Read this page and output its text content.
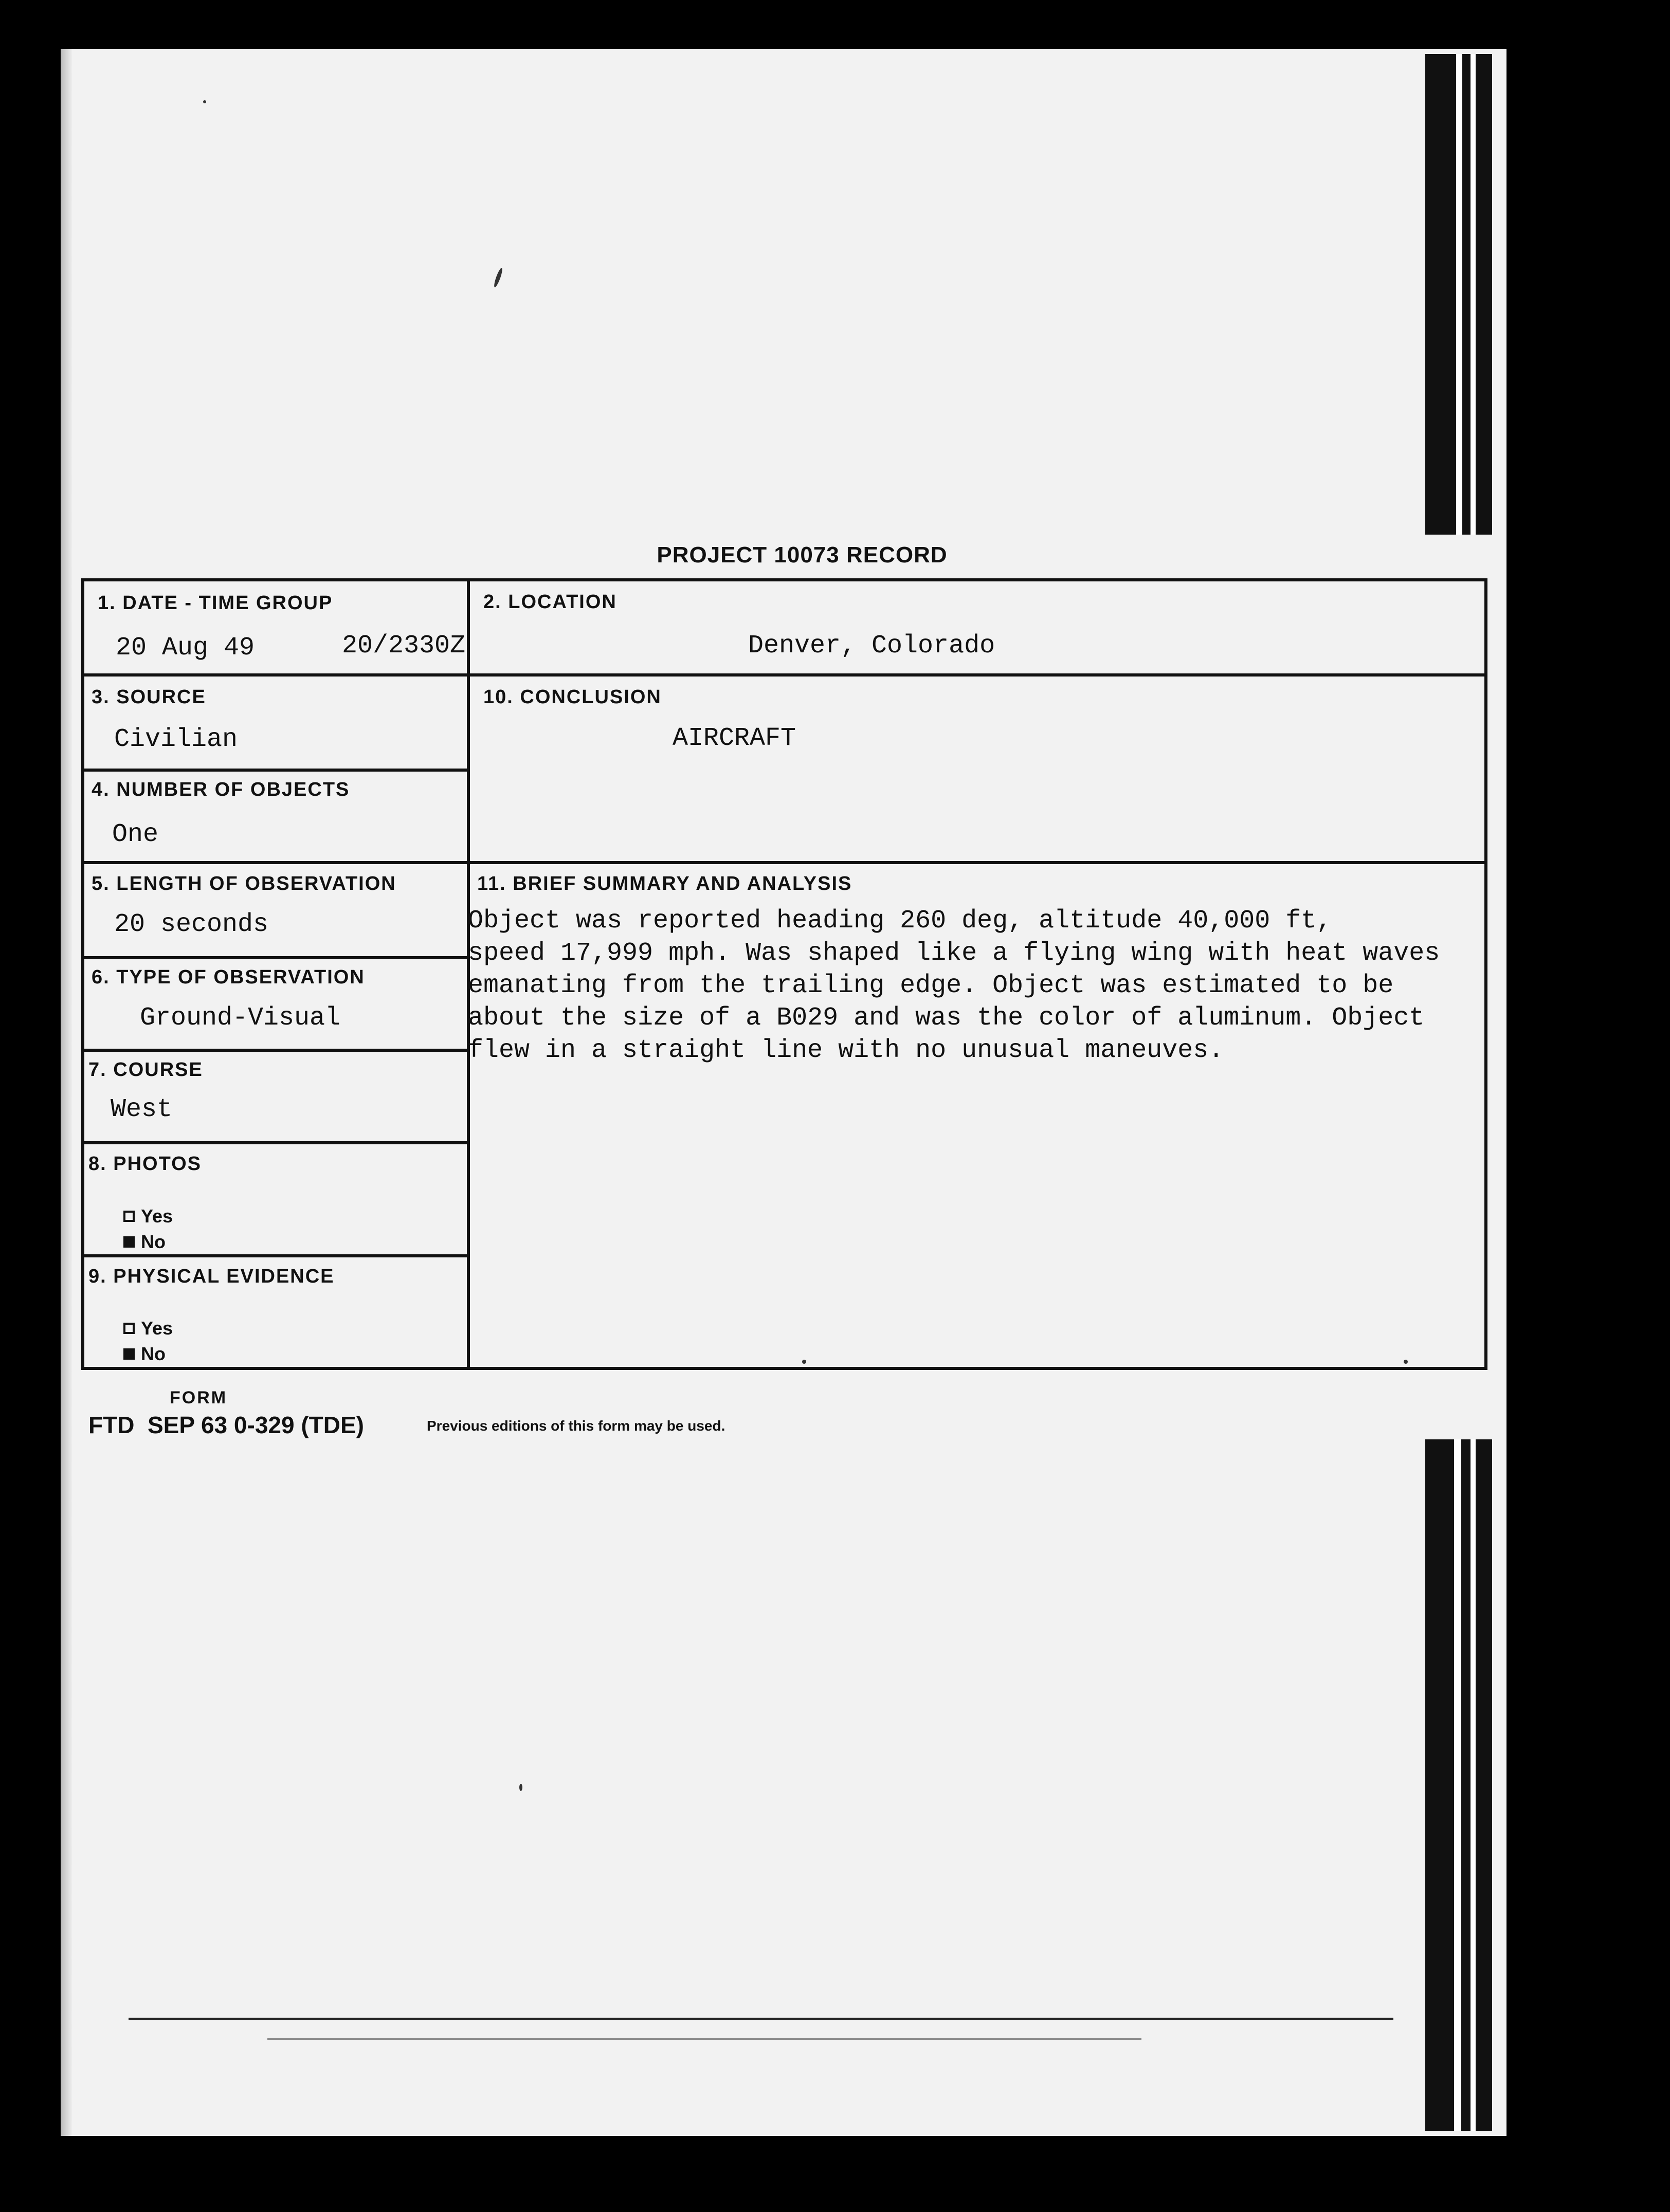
PROJECT 10073 RECORD
1. DATE - TIME GROUP
20 Aug 49	20/2330Z
2. LOCATION
Denver, Colorado
3. SOURCE
Civilian
10. CONCLUSION
AIRCRAFT
4. NUMBER OF OBJECTS
One
5. LENGTH OF OBSERVATION
20 seconds
11. BRIEF SUMMARY AND ANALYSIS
Object was reported heading 260 deg, altitude 40,000 ft,
speed 17,999 mph. Was shaped like a flying wing with heat waves
emanating from the trailing edge. Object was estimated to be
about the size of a B029 and was the color of aluminum. Object
flew in a straight line with no unusual maneuves.
6. TYPE OF OBSERVATION
Ground-Visual
7. COURSE
West
8. PHOTOS
Yes
No
9. PHYSICAL EVIDENCE
Yes
No
FORM
FTD  SEP 63 0-329 (TDE)	Previous editions of this form may be used.
